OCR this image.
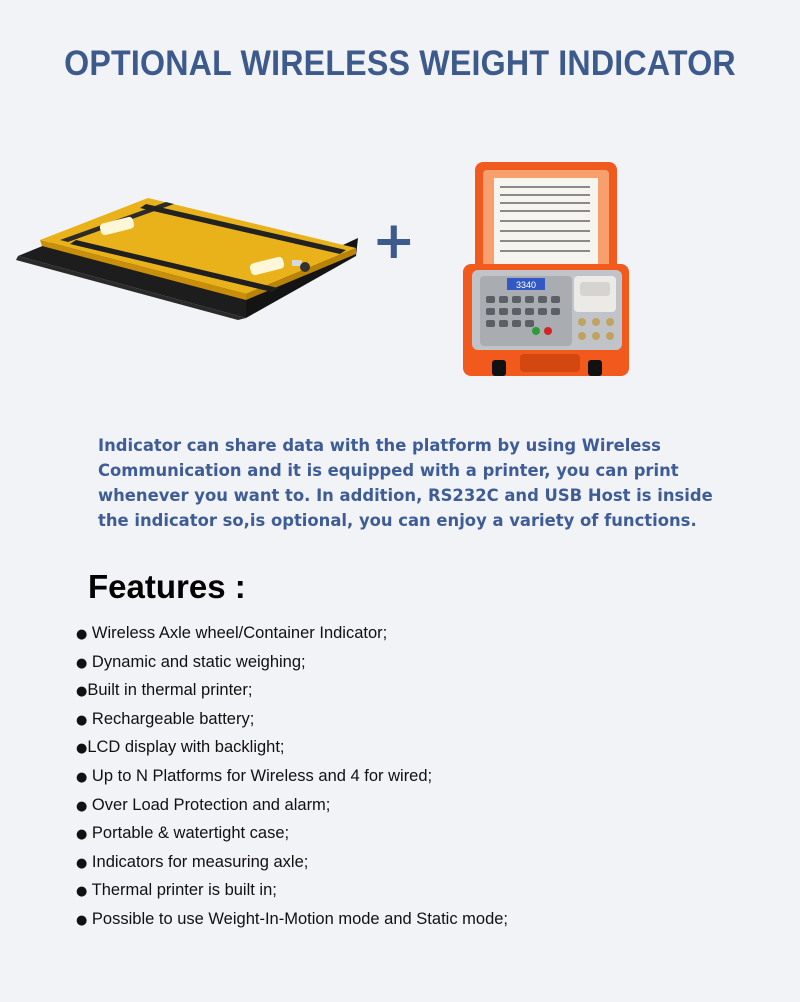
OPTIONAL WIRELESS WEIGHT INDICATOR
3340
+
Indicator can share data with the platform by using Wireless Communication and it is equipped with a printer, you can print whenever you want to. In addition, RS232C and USB Host is inside the indicator so,is optional, you can enjoy a variety of functions.
Features :
● Wireless Axle wheel/Container Indicator;
● Dynamic and static weighing;
●Built in thermal printer;
● Rechargeable battery;
●LCD display with backlight;
● Up to N Platforms for Wireless and 4 for wired;
● Over Load Protection and alarm;
● Portable & watertight case;
● Indicators for measuring axle;
● Thermal printer is built in;
● Possible to use Weight-In-Motion mode and Static mode;
